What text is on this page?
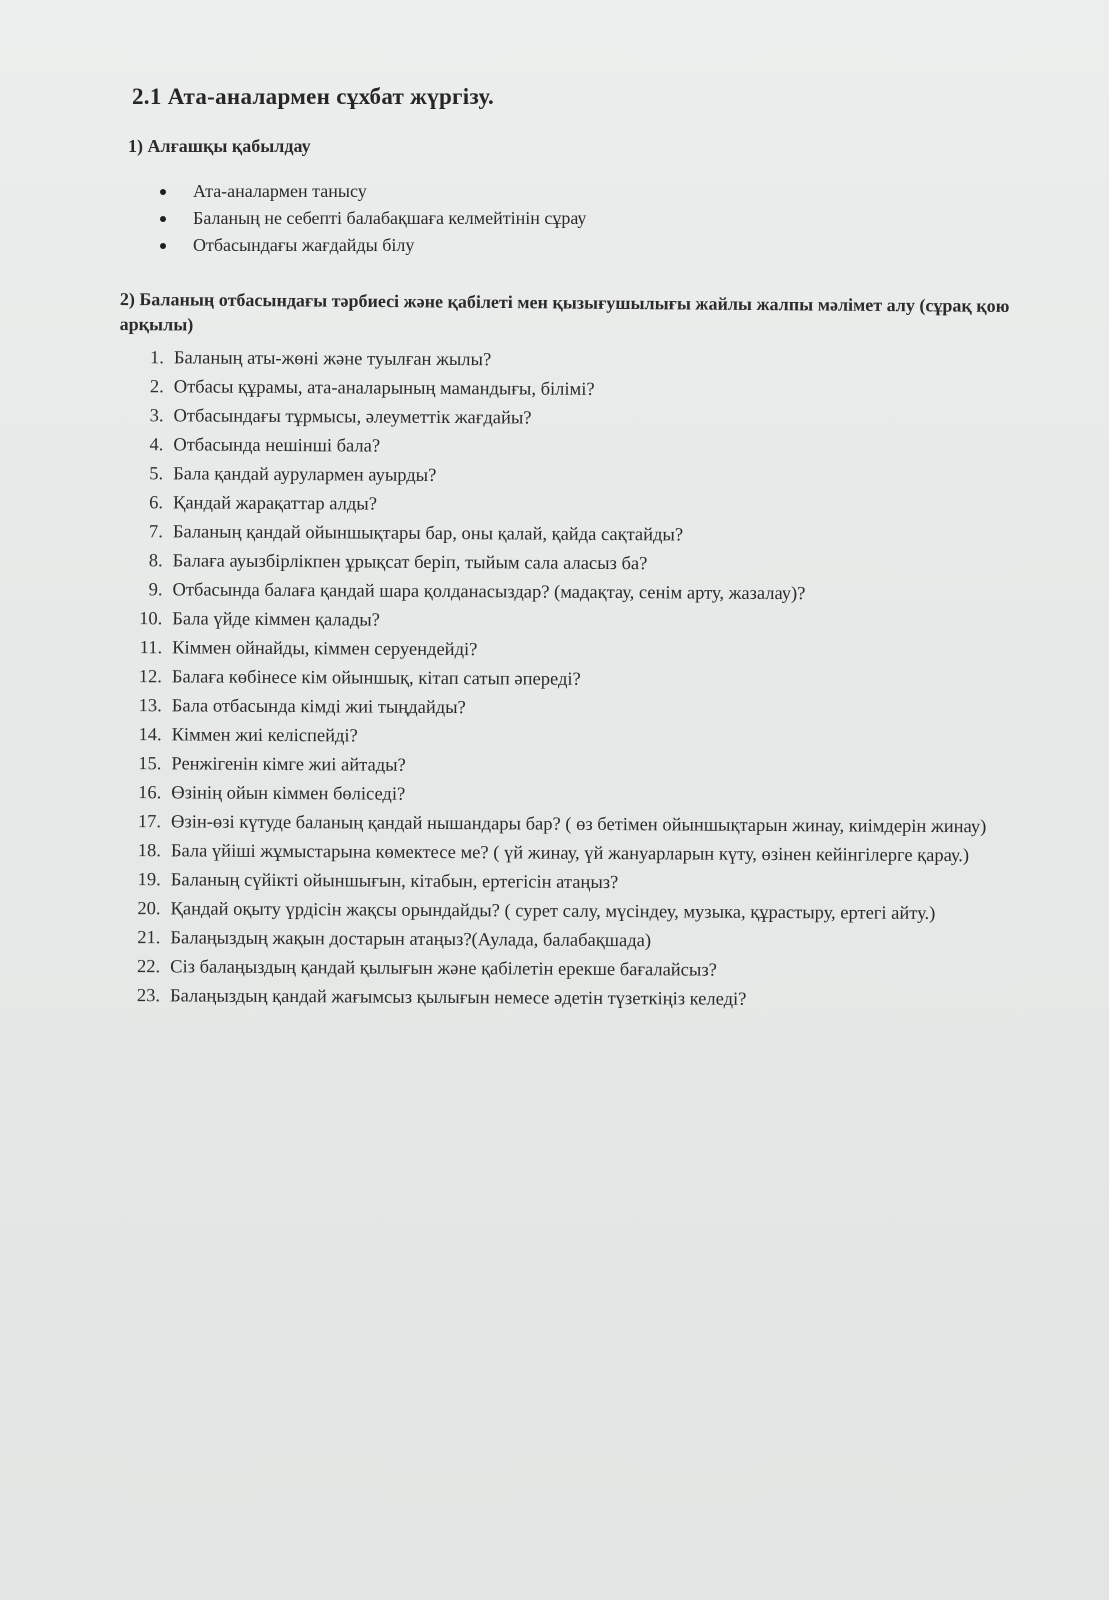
2.1 Ата-аналармен сұхбат жүргізу.
1) Алғашқы қабылдау
Ата-аналармен танысу
Баланың не себепті балабақшаға келмейтінін сұрау
Отбасындағы жағдайды білу
2) Баланың отбасындағы тәрбиесі және қабілеті мен қызығушылығы жайлы жалпы мәлімет алу (сұрақ қою арқылы)
1. Баланың аты-жөні және туылған жылы?
2. Отбасы құрамы, ата-аналарының мамандығы, білімі?
3. Отбасындағы тұрмысы, әлеуметтік жағдайы?
4. Отбасында нешінші бала?
5. Бала қандай аурулармен ауырды?
6. Қандай жарақаттар алды?
7. Баланың қандай ойыншықтары бар, оны қалай, қайда сақтайды?
8. Балаға ауызбірлікпен ұрықсат беріп, тыйым сала аласыз ба?
9. Отбасында балаға қандай шара қолданасыздар? (мадақтау, сенім арту, жазалау)?
10. Бала үйде кіммен қалады?
11. Кіммен ойнайды, кіммен серуендейді?
12. Балаға көбінесе кім ойыншық, кітап сатып әпереді?
13. Бала отбасында кімді жиі тыңдайды?
14. Кіммен жиі келіспейді?
15. Ренжігенін кімге жиі айтады?
16. Өзінің ойын кіммен бөліседі?
17. Өзін-өзі күтуде баланың қандай нышандары бар? ( өз бетімен ойыншықтарын жинау, киімдерін жинау)
18. Бала үйішi жұмыстарына көмектесе ме? ( үй жинау, үй жануарларын күту, өзінен кейінгілерге қарау.)
19. Баланың сүйікті ойыншығын, кітабын, ертегісін атаңыз?
20. Қандай оқыту үрдісін жақсы орындайды? ( сурет салу, мүсіндеу, музыка, құрастыру, ертегі айту.)
21. Балаңыздың жақын достарын атаңыз?(Аулада, балабақшада)
22. Сіз балаңыздың қандай қылығын және қабілетін ерекше бағалайсыз?
23. Балаңыздың қандай жағымсыз қылығын немесе әдетін түзеткіңіз келеді?
